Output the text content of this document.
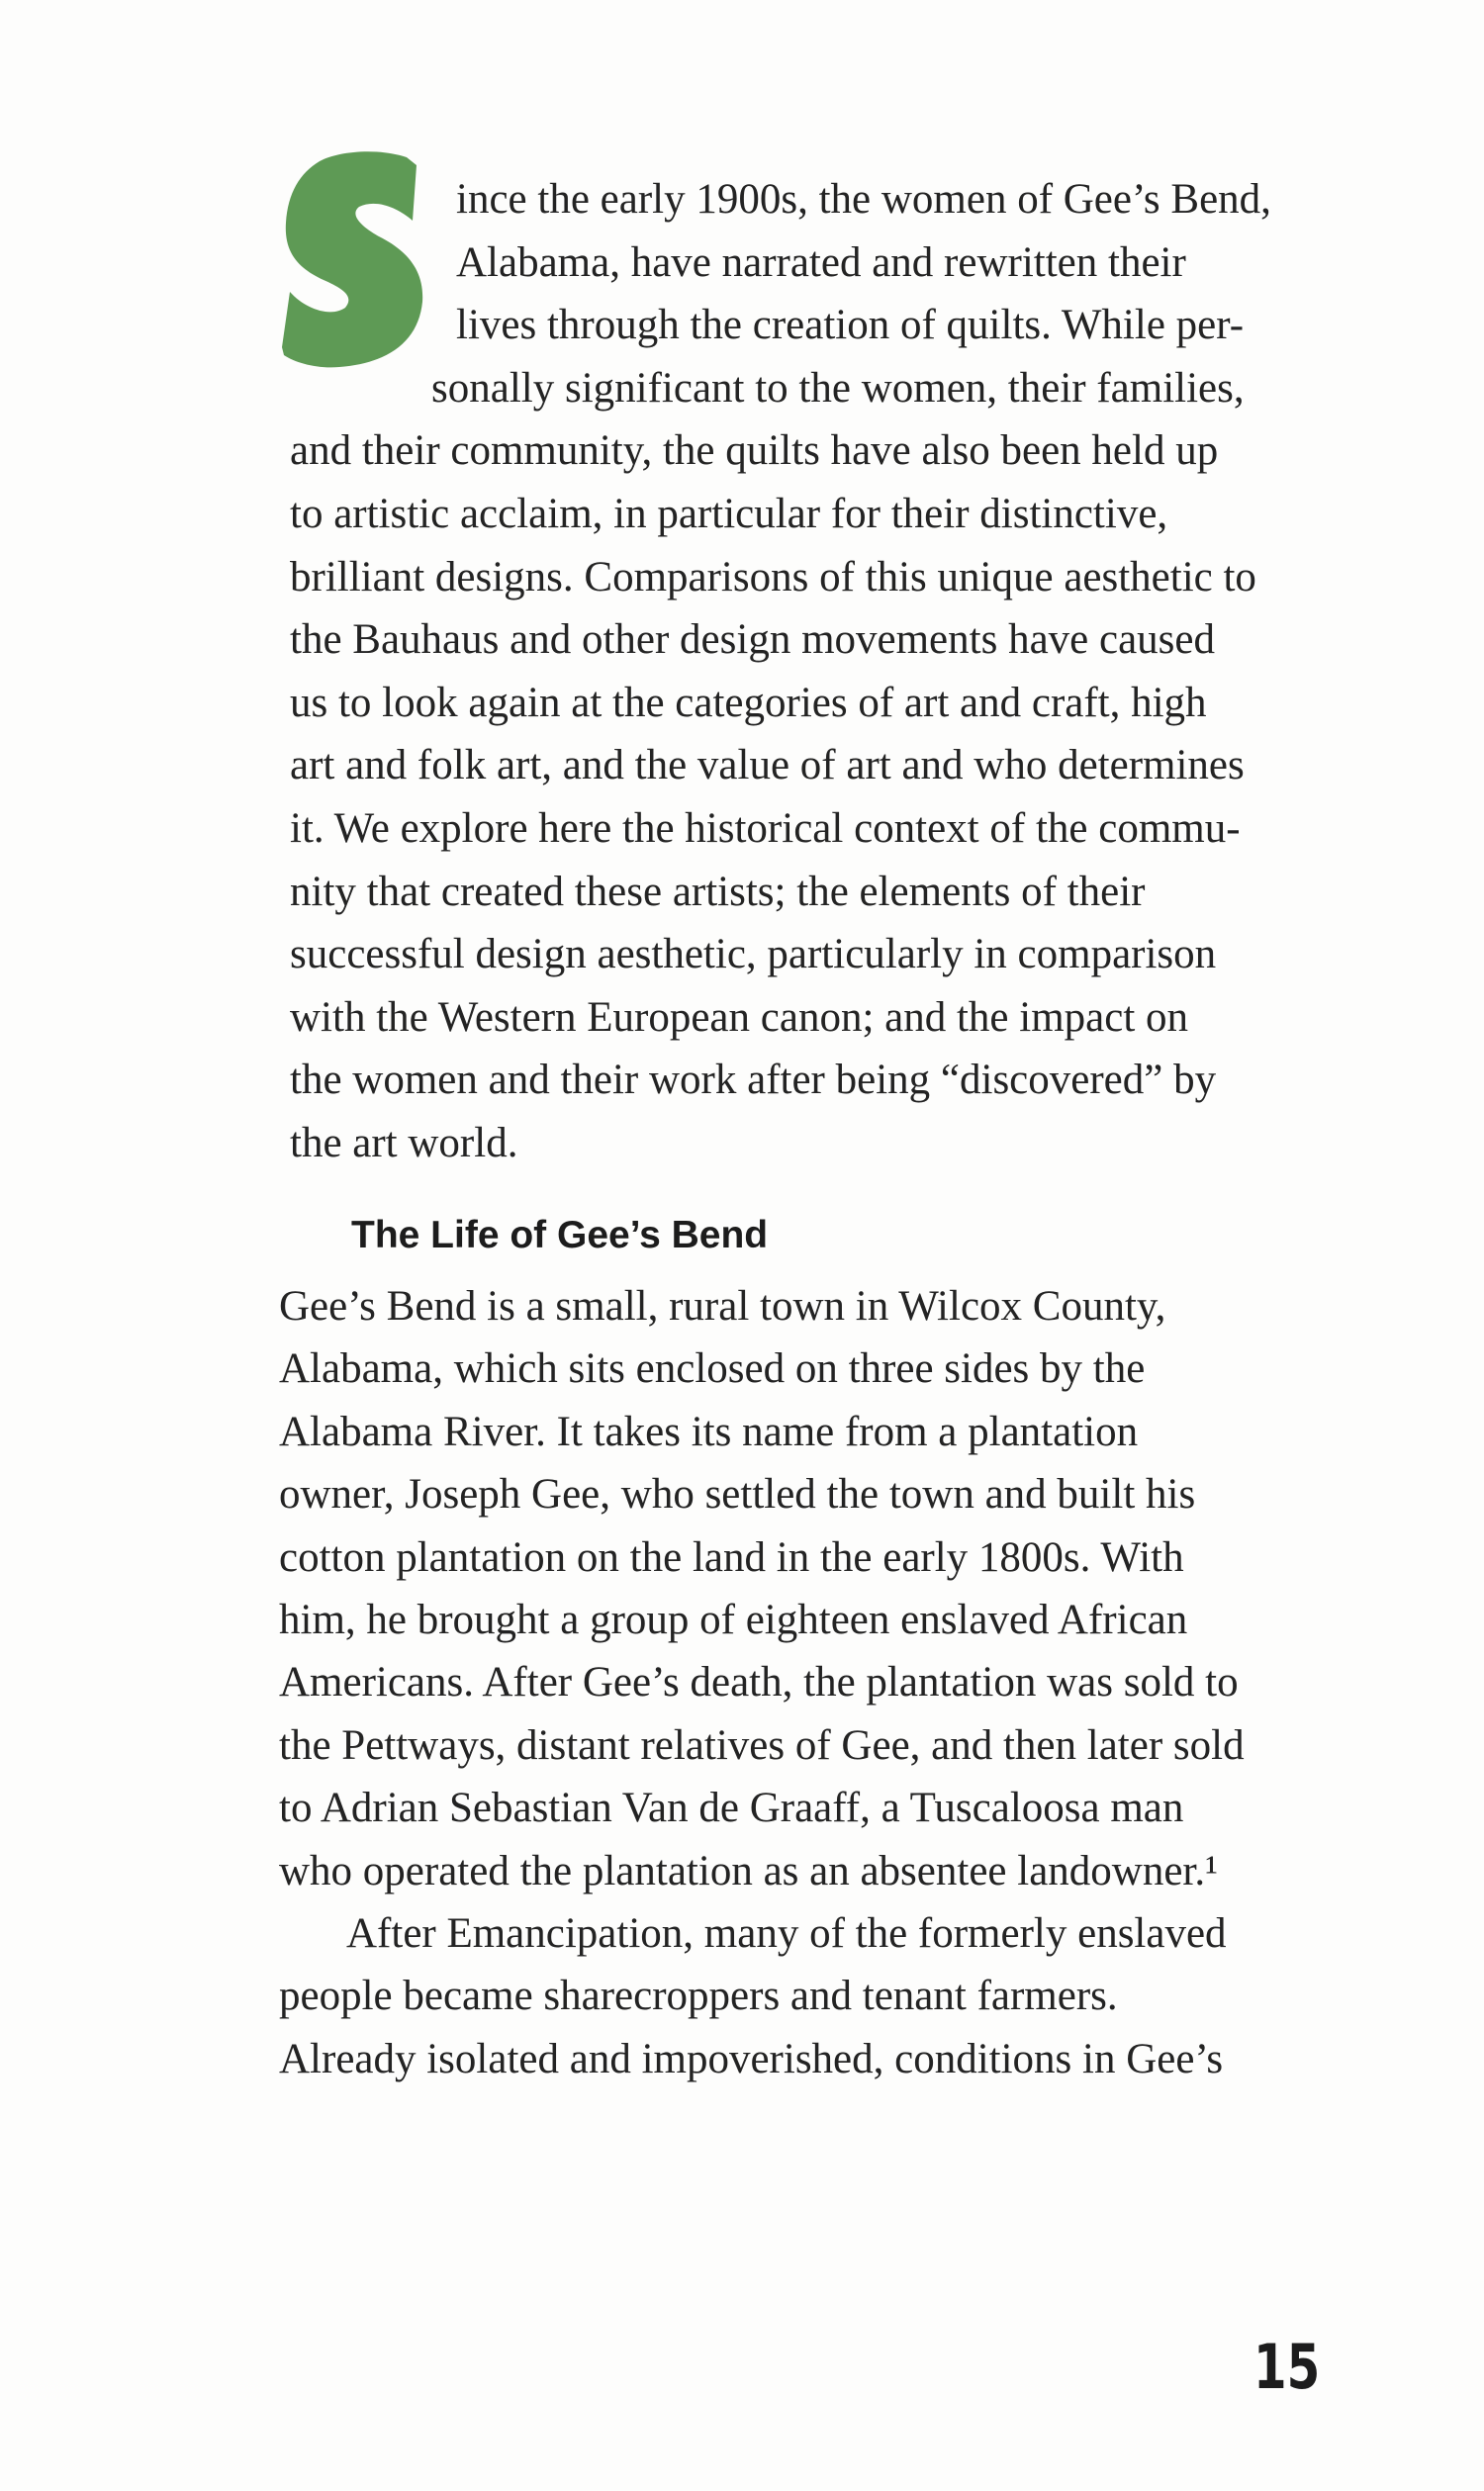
ince the early 1900s, the women of Gee’s Bend,
Alabama, have narrated and rewritten their
lives through the creation of quilts. While per-
sonally significant to the women, their families,
and their community, the quilts have also been held up
to artistic acclaim, in particular for their distinctive,
brilliant designs. Comparisons of this unique aesthetic to
the Bauhaus and other design movements have caused
us to look again at the categories of art and craft, high
art and folk art, and the value of art and who determines
it. We explore here the historical context of the commu-
nity that created these artists; the elements of their
successful design aesthetic, particularly in comparison
with the Western European canon; and the impact on
the women and their work after being “discovered” by
the art world.
The Life of Gee’s Bend
Gee’s Bend is a small, rural town in Wilcox County,
Alabama, which sits enclosed on three sides by the
Alabama River. It takes its name from a plantation
owner, Joseph Gee, who settled the town and built his
cotton plantation on the land in the early 1800s. With
him, he brought a group of eighteen enslaved African
Americans. After Gee’s death, the plantation was sold to
the Pettways, distant relatives of Gee, and then later sold
to Adrian Sebastian Van de Graaff, a Tuscaloosa man
who operated the plantation as an absentee landowner.¹
After Emancipation, many of the formerly enslaved
people became sharecroppers and tenant farmers.
Already isolated and impoverished, conditions in Gee’s
15
